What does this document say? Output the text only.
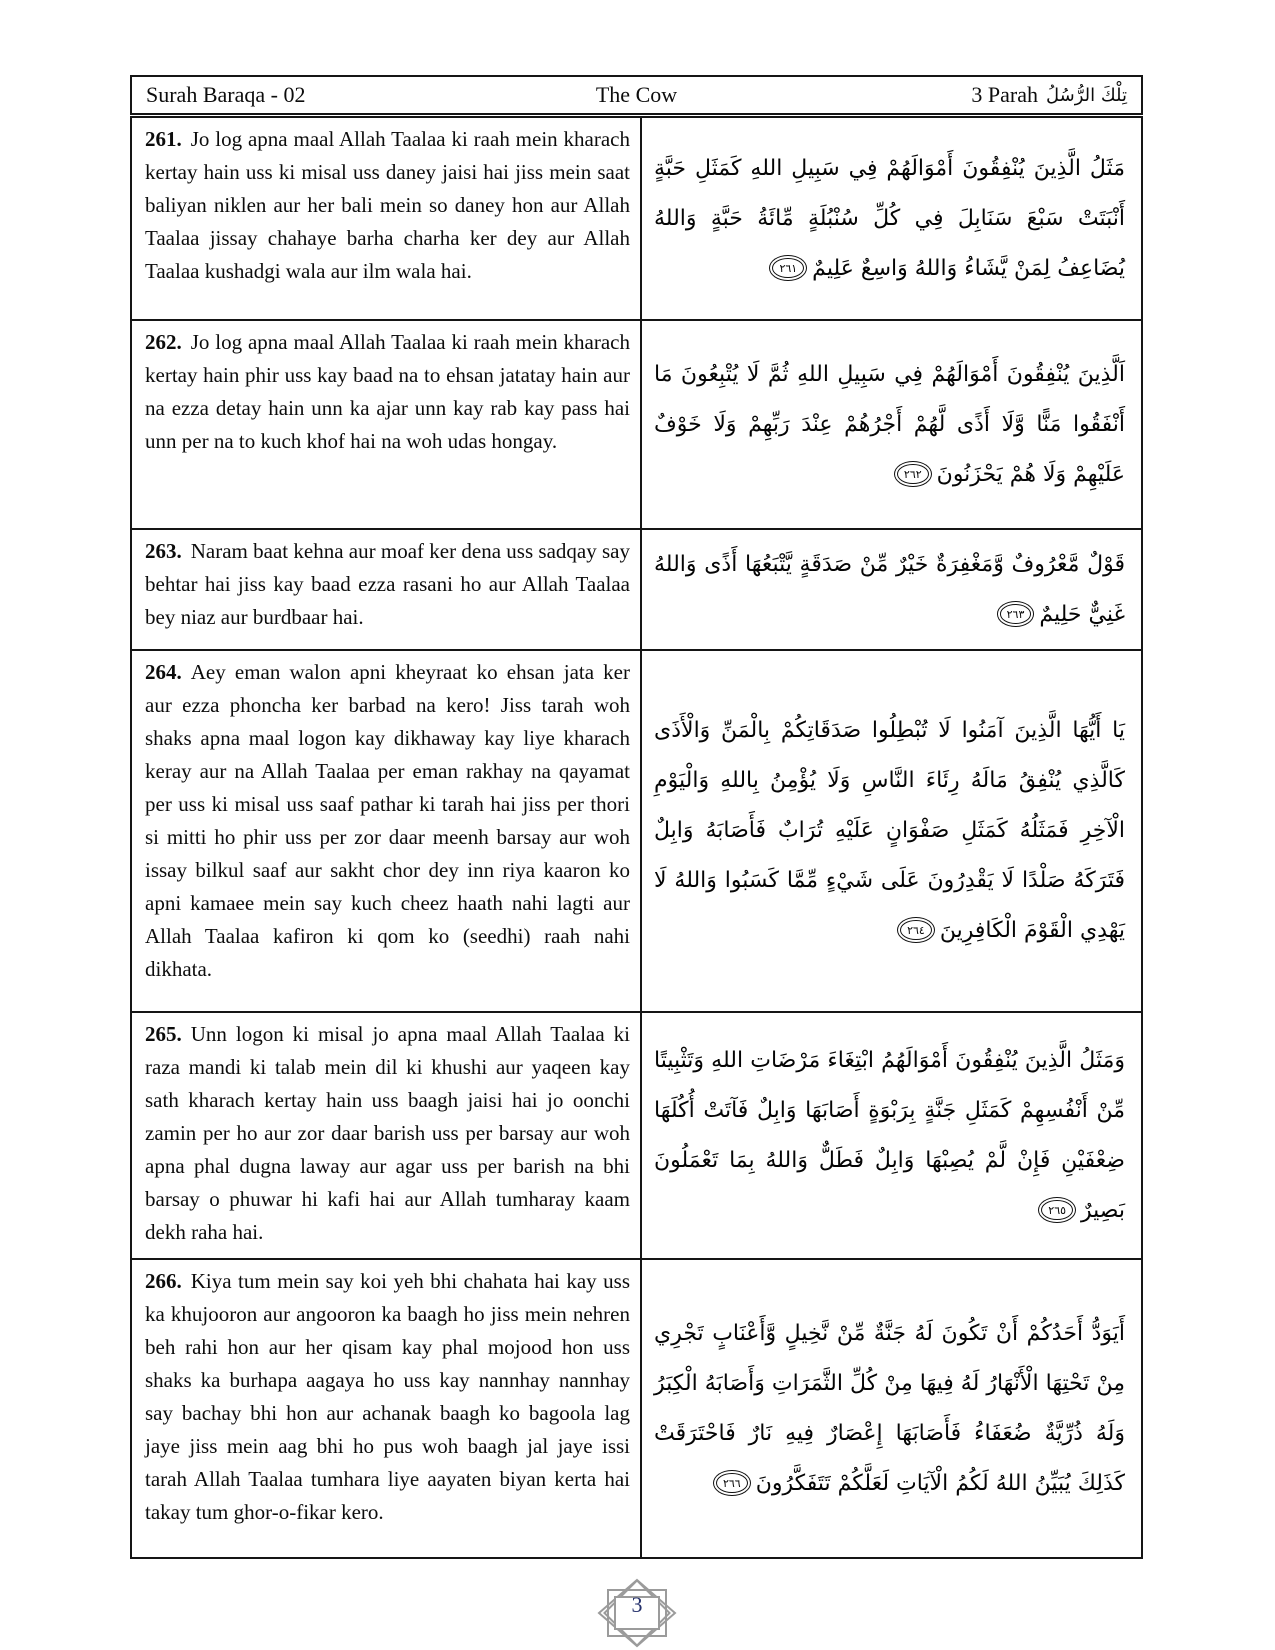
Surah Baraqa - 02	The Cow	3 Parah تِلْكَ الرُّسُلُ

261. Jo log apna maal Allah Taalaa ki raah mein kharach kertay hain uss ki misal uss daney jaisi hai jiss mein saat baliyan niklen aur her bali mein so daney hon aur Allah Taalaa jissay chahaye barha charha ker dey aur Allah Taalaa kushadgi wala aur ilm wala hai.

مَثَلُ الَّذِينَ يُنْفِقُونَ أَمْوَالَهُمْ فِي سَبِيلِ اللهِ كَمَثَلِ حَبَّةٍ أَنْبَتَتْ سَبْعَ سَنَابِلَ فِي كُلِّ سُنْبُلَةٍ مِّائَةُ حَبَّةٍ وَاللهُ يُضَاعِفُ لِمَنْ يَّشَاءُ وَاللهُ وَاسِعٌ عَلِيمٌ٢٦١

262. Jo log apna maal Allah Taalaa ki raah mein kharach kertay hain phir uss kay baad na to ehsan jatatay hain aur na ezza detay hain unn ka ajar unn kay rab kay pass hai unn per na to kuch khof hai na woh udas hongay.

اَلَّذِينَ يُنْفِقُونَ أَمْوَالَهُمْ فِي سَبِيلِ اللهِ ثُمَّ لَا يُتْبِعُونَ مَا أَنْفَقُوا مَنًّا وَّلَا أَذًى لَّهُمْ أَجْرُهُمْ عِنْدَ رَبِّهِمْ وَلَا خَوْفٌ عَلَيْهِمْ وَلَا هُمْ يَحْزَنُونَ٢٦٢

263. Naram baat kehna aur moaf ker dena uss sadqay say behtar hai jiss kay baad ezza rasani ho aur Allah Taalaa bey niaz aur burdbaar hai.

قَوْلٌ مَّعْرُوفٌ وَّمَغْفِرَةٌ خَيْرٌ مِّنْ صَدَقَةٍ يَّتْبَعُهَا أَذًى وَاللهُ غَنِيٌّ حَلِيمٌ٢٦٣

264. Aey eman walon apni kheyraat ko ehsan jata ker aur ezza phoncha ker barbad na kero! Jiss tarah woh shaks apna maal logon kay dikhaway kay liye kharach keray aur na Allah Taalaa per eman rakhay na qayamat per uss ki misal uss saaf pathar ki tarah hai jiss per thori si mitti ho phir uss per zor daar meenh barsay aur woh issay bilkul saaf aur sakht chor dey inn riya kaaron ko apni kamaee mein say kuch cheez haath nahi lagti aur Allah Taalaa kafiron ki qom ko (seedhi) raah nahi dikhata.

يَا أَيُّهَا الَّذِينَ آمَنُوا لَا تُبْطِلُوا صَدَقَاتِكُمْ بِالْمَنِّ وَالْأَذَى كَالَّذِي يُنْفِقُ مَالَهُ رِئَاءَ النَّاسِ وَلَا يُؤْمِنُ بِاللهِ وَالْيَوْمِ الْآخِرِ فَمَثَلُهُ كَمَثَلِ صَفْوَانٍ عَلَيْهِ تُرَابٌ فَأَصَابَهُ وَابِلٌ فَتَرَكَهُ صَلْدًا لَا يَقْدِرُونَ عَلَى شَيْءٍ مِّمَّا كَسَبُوا وَاللهُ لَا يَهْدِي الْقَوْمَ الْكَافِرِينَ٢٦٤

265. Unn logon ki misal jo apna maal Allah Taalaa ki raza mandi ki talab mein dil ki khushi aur yaqeen kay sath kharach kertay hain uss baagh jaisi hai jo oonchi zamin per ho aur zor daar barish uss per barsay aur woh apna phal dugna laway aur agar uss per barish na bhi barsay o phuwar hi kafi hai aur Allah tumharay kaam dekh raha hai.

وَمَثَلُ الَّذِينَ يُنْفِقُونَ أَمْوَالَهُمُ ابْتِغَاءَ مَرْضَاتِ اللهِ وَتَثْبِيتًا مِّنْ أَنْفُسِهِمْ كَمَثَلِ جَنَّةٍ بِرَبْوَةٍ أَصَابَهَا وَابِلٌ فَآتَتْ أُكُلَهَا ضِعْفَيْنِ فَإِنْ لَّمْ يُصِبْهَا وَابِلٌ فَطَلٌّ وَاللهُ بِمَا تَعْمَلُونَ بَصِيرٌ٢٦٥

266. Kiya tum mein say koi yeh bhi chahata hai kay uss ka khujooron aur angooron ka baagh ho jiss mein nehren beh rahi hon aur her qisam kay phal mojood hon uss shaks ka burhapa aagaya ho uss kay nannhay nannhay say bachay bhi hon aur achanak baagh ko bagoola lag jaye jiss mein aag bhi ho pus woh baagh jal jaye issi tarah Allah Taalaa tumhara liye aayaten biyan kerta hai takay tum ghor-o-fikar kero.

أَيَوَدُّ أَحَدُكُمْ أَنْ تَكُونَ لَهُ جَنَّةٌ مِّنْ نَّخِيلٍ وَّأَعْنَابٍ تَجْرِي مِنْ تَحْتِهَا الْأَنْهَارُ لَهُ فِيهَا مِنْ كُلِّ الثَّمَرَاتِ وَأَصَابَهُ الْكِبَرُ وَلَهُ ذُرِّيَّةٌ ضُعَفَاءُ فَأَصَابَهَا إِعْصَارٌ فِيهِ نَارٌ فَاحْتَرَقَتْ كَذَلِكَ يُبَيِّنُ اللهُ لَكُمُ الْآيَاتِ لَعَلَّكُمْ تَتَفَكَّرُونَ٢٦٦
3
